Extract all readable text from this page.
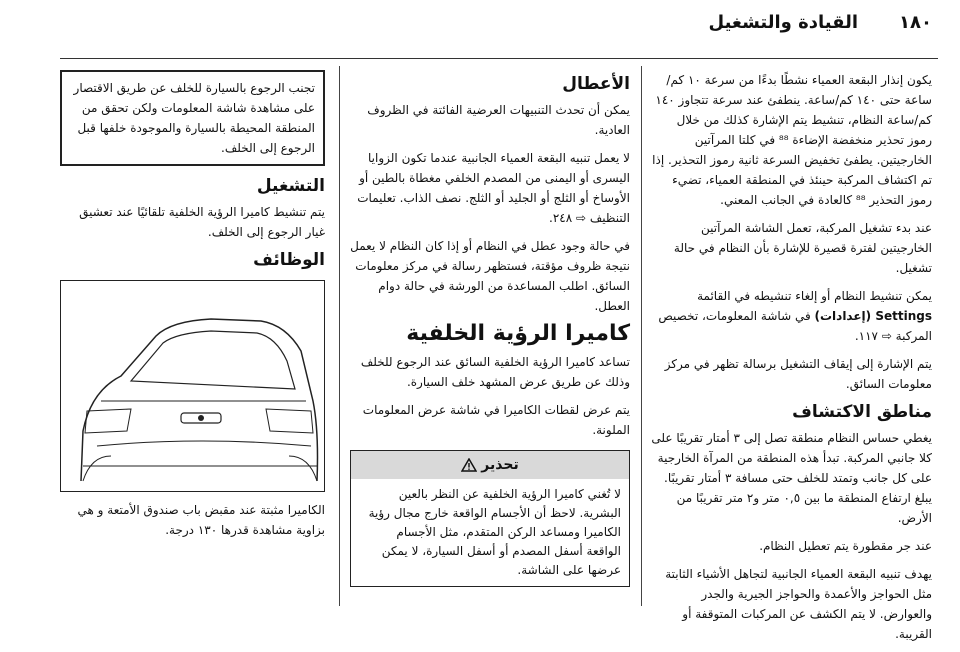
١٨٠
القيادة والتشغيل

يكون إنذار البقعة العمياء نشطًا بدءًا من سرعة ١٠ كم/ساعة حتى ١٤٠ كم/ساعة. ينطفئ عند سرعة تتجاوز ١٤٠ كم/ساعة النظام، تنشيط يتم الإشارة كذلك من خلال رموز تحذير منخفضة الإضاءة ⁸⁸ في كلتا المرآتين الخارجيتين. يطفئ تخفيض السرعة ثانية رموز التحذير. إذا تم اكتشاف المركبة حينئذ في المنطقة العمياء، تضيء رموز التحذير ⁸⁸ كالعادة في الجانب المعني.

عند بدء تشغيل المركبة، تعمل الشاشة المرآتين الخارجيتين لفترة قصيرة للإشارة بأن النظام في حالة تشغيل.

يمكن تنشيط النظام أو إلغاء تنشيطه في القائمة Settings (إعدادات) في شاشة المعلومات، تخصيص المركبة ⇨ ١١٧.

يتم الإشارة إلى إيقاف التشغيل برسالة تظهر في مركز معلومات السائق.

مناطق الاكتشاف

يغطي حساس النظام منطقة تصل إلى ٣ أمتار تقريبًا على كلا جانبي المركبة. تبدأ هذه المنطقة من المرآة الخارجية على كل جانب وتمتد للخلف حتى مسافة ٣ أمتار تقريبًا. يبلغ ارتفاع المنطقة ما بين ٠,٥ متر و٢ متر تقريبًا من الأرض.

عند جر مقطورة يتم تعطيل النظام.

يهدف تنبيه البقعة العمياء الجانبية لتجاهل الأشياء الثابتة مثل الحواجز والأعمدة والحواجز الجيرية والجدر والعوارض. لا يتم الكشف عن المركبات المتوقفة أو القريبة.

الأعطال

يمكن أن تحدث التنبيهات العرضية الفائتة في الظروف العادية.

لا يعمل تنبيه البقعة العمياء الجانبية عندما تكون الزوايا اليسرى أو اليمنى من المصدم الخلفي مغطاة بالطين أو الأوساخ أو الثلج أو الجليد أو الثلج. نصف الذاب. تعليمات التنظيف ⇨ ٢٤٨.

في حالة وجود عطل في النظام أو إذا كان النظام لا يعمل نتيجة ظروف مؤقتة، فستظهر رسالة في مركز معلومات السائق. اطلب المساعدة من الورشة في حالة دوام العطل.

كاميرا الرؤية الخلفية

تساعد كاميرا الرؤية الخلفية السائق عند الرجوع للخلف وذلك عن طريق عرض المشهد خلف السيارة.

يتم عرض لقطات الكاميرا في شاشة عرض المعلومات الملونة.

تحذير
لا تُغني كاميرا الرؤية الخلفية عن النظر بالعين البشرية. لاحظ أن الأجسام الواقعة خارج مجال رؤية الكاميرا ومساعد الركن المتقدم، مثل الأجسام الواقعة أسفل المصدم أو أسفل السيارة، لا يمكن عرضها على الشاشة.
تجنب الرجوع بالسيارة للخلف عن طريق الاقتصار على مشاهدة شاشة المعلومات ولكن تحقق من المنطقة المحيطة بالسيارة والموجودة خلفها قبل الرجوع إلى الخلف.
التشغيل

يتم تنشيط كاميرا الرؤية الخلفية تلقائيًا عند تعشيق غيار الرجوع إلى الخلف.

الوظائف

الكاميرا مثبتة عند مقبض باب صندوق الأمتعة و هي بزاوية مشاهدة قدرها ١٣٠ درجة.
